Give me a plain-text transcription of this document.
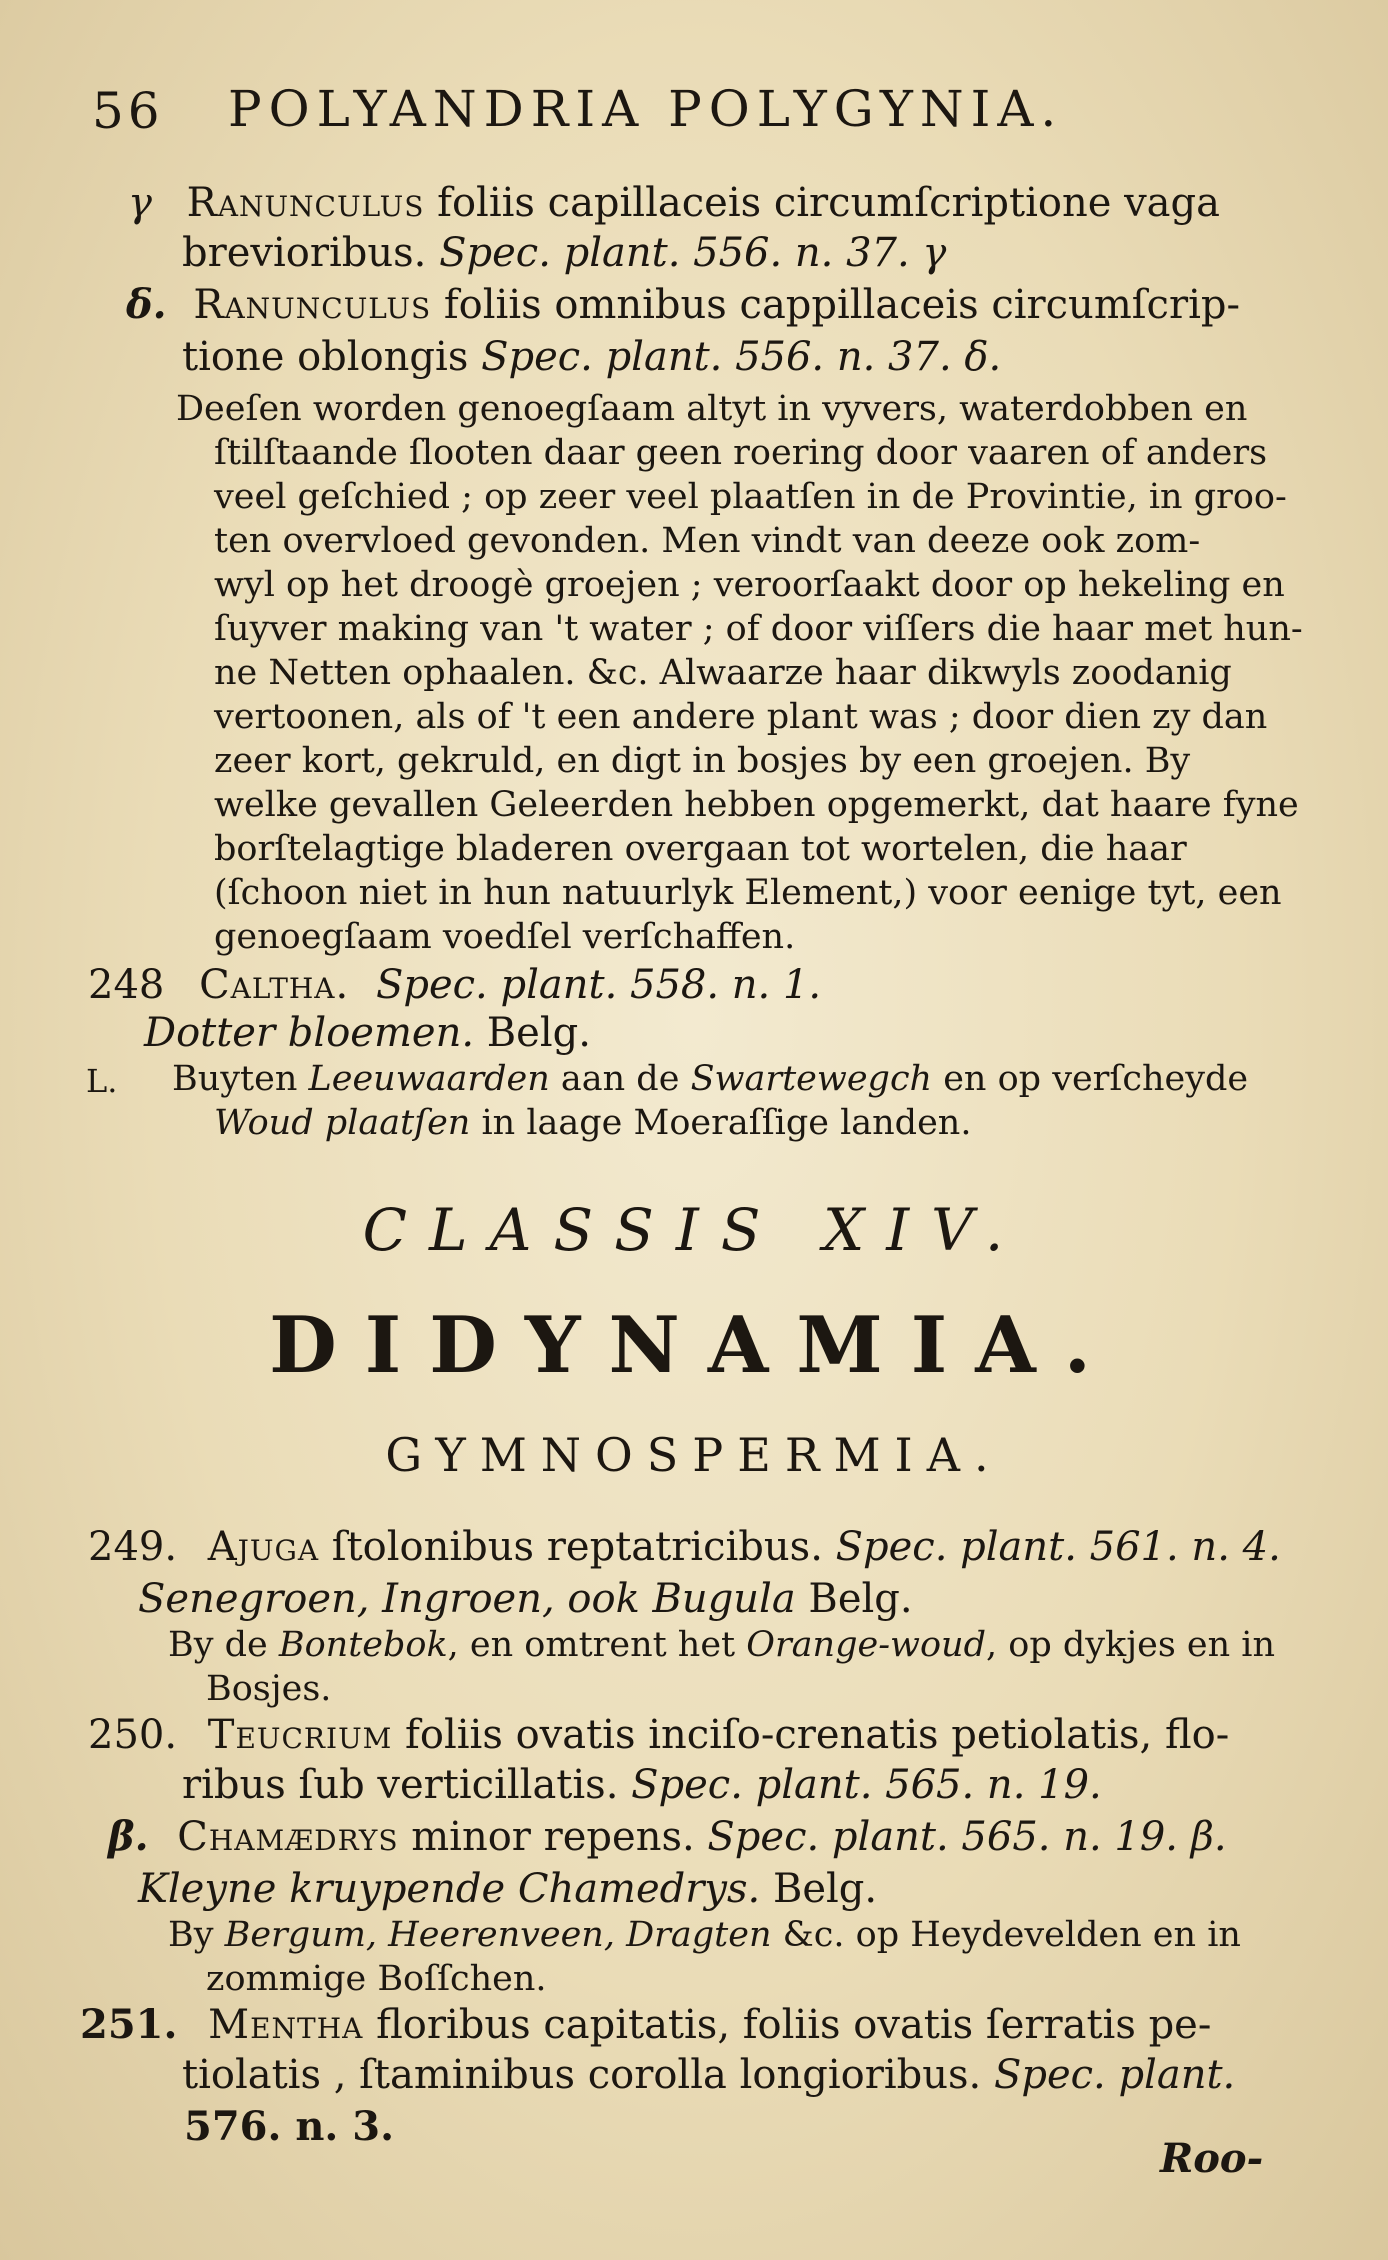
56 POLYANDRIA POLYGYNIA.
γ Ranunculus foliis capillaceis circumſcriptione vaga
brevioribus. Spec. plant. 556. n. 37. γ
δ. Ranunculus foliis omnibus cappillaceis circumſcrip-
tione oblongis Spec. plant. 556. n. 37. δ.
Deeſen worden genoegſaam altyt in vyvers, waterdobben en
ſtilſtaande ſlooten daar geen roering door vaaren of anders
veel geſchied ; op zeer veel plaatſen in de Provintie, in groo-
ten overvloed gevonden. Men vindt van deeze ook zom-
wyl op het droogè groejen ; veroorſaakt door op hekeling en
ſuyver making van 't water ; of door viſſers die haar met hun-
ne Netten ophaalen. &c. Alwaarze haar dikwyls zoodanig
vertoonen, als of 't een andere plant was ; door dien zy dan
zeer kort, gekruld, en digt in bosjes by een groejen. By
welke gevallen Geleerden hebben opgemerkt, dat haare fyne
borſtelagtige bladeren overgaan tot wortelen, die haar
(ſchoon niet in hun natuurlyk Element,) voor eenige tyt, een
genoegſaam voedſel verſchaffen.
248 Caltha. Spec. plant. 558. n. 1.
Dotter bloemen. Belg.
L. Buyten Leeuwaarden aan de Swartewegch en op verſcheyde
Woud plaatſen in laage Moeraſſige landen.
CLASSIS XIV.
DIDYNAMIA.
GYMNOSPERMIA.
249. Ajuga ſtolonibus reptatricibus. Spec. plant. 561. n. 4.
Senegroen, Ingroen, ook Bugula Belg.
By de Bontebok, en omtrent het Orange-woud, op dykjes en in
Bosjes.
250. Teucrium foliis ovatis inciſo-crenatis petiolatis, flo-
ribus ſub verticillatis. Spec. plant. 565. n. 19.
β. Chamædrys minor repens. Spec. plant. 565. n. 19. β.
Kleyne kruypende Chamedrys. Belg.
By Bergum, Heerenveen, Dragten &c. op Heydevelden en in
zommige Boſſchen.
251. Mentha floribus capitatis, foliis ovatis ſerratis pe-
tiolatis , ſtaminibus corolla longioribus. Spec. plant.
576. n. 3.
Roo-
